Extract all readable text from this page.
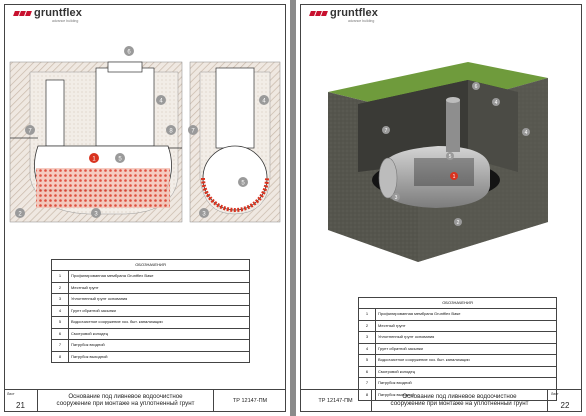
gruntflex
advance building
6
4
7	8
5
1
2	3
7
4
5
3
ОБОЗНАЧЕНИЯ	
1	Профилированная мембрана Gruntflex Base
2	Местный грунт
3	Уплотненный грунт основания
4	Грунт обратной засыпки
5	Водоочистное сооружение хоз. быт. канализации
6	Смотровой колодец
7	Патрубок входной
8	Патрубок выходной
Лист
21
Основание под ливневое водоочистное
сооружение при монтаже на уплотненный грунт	ТР 12147-ПМ
gruntflex
advance building
6
4
7	4
5
1
3
2
ОБОЗНАЧЕНИЯ	
1	Профилированная мембрана Gruntflex Base
2	Местный грунт
3	Уплотненный грунт основания
4	Грунт обратной засыпки
5	Водоочистное сооружение хоз. быт. канализации
6	Смотровой колодец
7	Патрубок входной
8	Патрубок выходной
ТР 12147-ПМ
Основание под ливневое водоочистное
сооружение при монтаже на уплотненный грунт
Лист
22
